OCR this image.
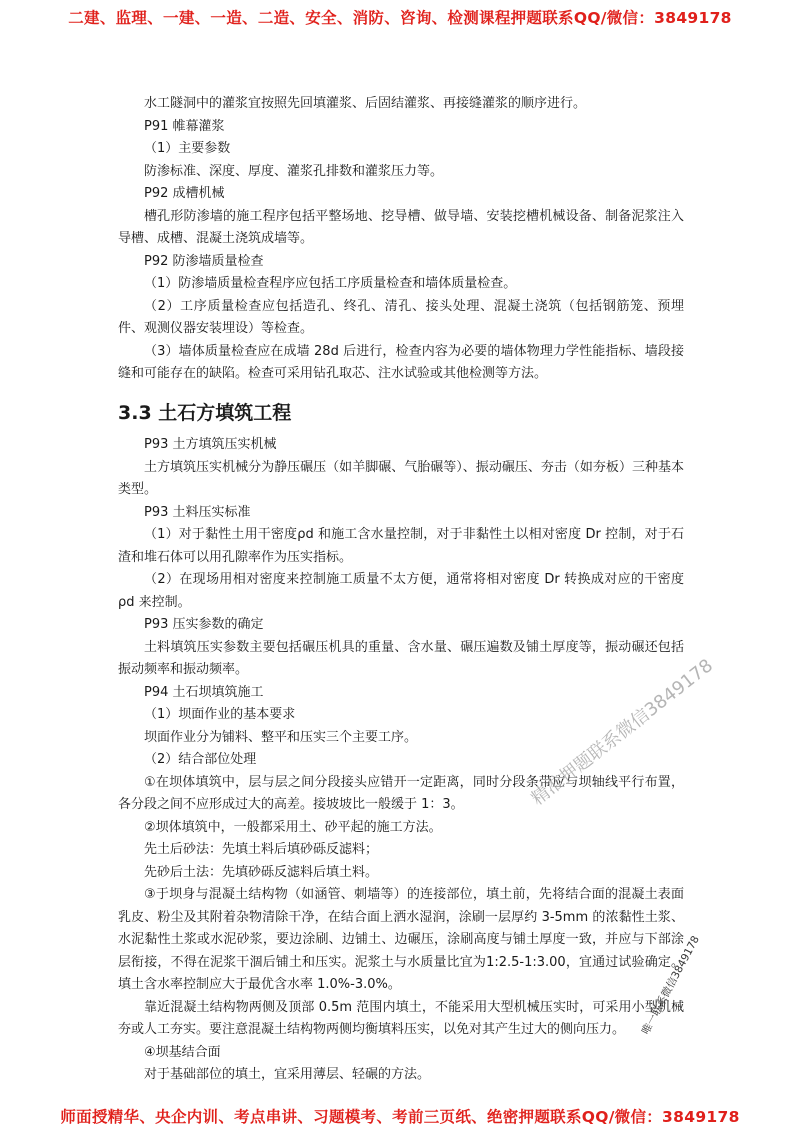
二建、监理、一建、一造、二造、安全、消防、咨询、检测课程押题联系QQ/微信：3849178

水工隧洞中的灌浆宜按照先回填灌浆、后固结灌浆、再接缝灌浆的顺序进行。

P91 帷幕灌浆

（1）主要参数

防渗标准、深度、厚度、灌浆孔排数和灌浆压力等。

P92 成槽机械

槽孔形防渗墙的施工程序包括平整场地、挖导槽、做导墙、安装挖槽机械设备、制备泥浆注入导槽、成槽、混凝土浇筑成墙等。

P92 防渗墙质量检查

（1）防渗墙质量检查程序应包括工序质量检查和墙体质量检查。

（2）工序质量检查应包括造孔、终孔、清孔、接头处理、混凝土浇筑（包括钢筋笼、预埋件、观测仪器安装埋设）等检查。

（3）墙体质量检查应在成墙 28d 后进行，检查内容为必要的墙体物理力学性能指标、墙段接缝和可能存在的缺陷。检查可采用钻孔取芯、注水试验或其他检测等方法。

3.3 土石方填筑工程

P93 土方填筑压实机械

土方填筑压实机械分为静压碾压（如羊脚碾、气胎碾等）、振动碾压、夯击（如夯板）三种基本类型。

P93 土料压实标准

（1）对于黏性土用干密度ρd 和施工含水量控制，对于非黏性土以相对密度 Dr 控制，对于石渣和堆石体可以用孔隙率作为压实指标。

（2）在现场用相对密度来控制施工质量不太方便，通常将相对密度 Dr 转换成对应的干密度ρd 来控制。

P93 压实参数的确定

土料填筑压实参数主要包括碾压机具的重量、含水量、碾压遍数及铺土厚度等，振动碾还包括振动频率和振动频率。

P94 土石坝填筑施工

（1）坝面作业的基本要求

坝面作业分为铺料、整平和压实三个主要工序。

（2）结合部位处理

①在坝体填筑中，层与层之间分段接头应错开一定距离，同时分段条带应与坝轴线平行布置，各分段之间不应形成过大的高差。接坡坡比一般缓于 1：3。

②坝体填筑中，一般都采用土、砂平起的施工方法。

先土后砂法：先填土料后填砂砾反滤料；

先砂后土法：先填砂砾反滤料后填土料。

③于坝身与混凝土结构物（如涵管、刺墙等）的连接部位，填土前，先将结合面的混凝土表面乳皮、粉尘及其附着杂物清除干净，在结合面上洒水湿润，涂刷一层厚约 3-5mm 的浓黏性土浆、水泥黏性土浆或水泥砂浆，要边涂刷、边铺土、边碾压，涂刷高度与铺土厚度一致，并应与下部涂层衔接，不得在泥浆干涸后铺土和压实。泥浆土与水质量比宜为1:2.5-1:3.00，宜通过试验确定。填土含水率控制应大于最优含水率 1.0%-3.0%。

靠近混凝土结构物两侧及顶部 0.5m 范围内填土，不能采用大型机械压实时，可采用小型机械夯或人工夯实。要注意混凝土结构物两侧均衡填料压实，以免对其产生过大的侧向压力。

④坝基结合面

对于基础部位的填土，宜采用薄层、轻碾的方法。

精准押题联系微信3849178
唯一联系微信3849178
师面授精华、央企内训、考点串讲、习题模考、考前三页纸、绝密押题联系QQ/微信：3849178
